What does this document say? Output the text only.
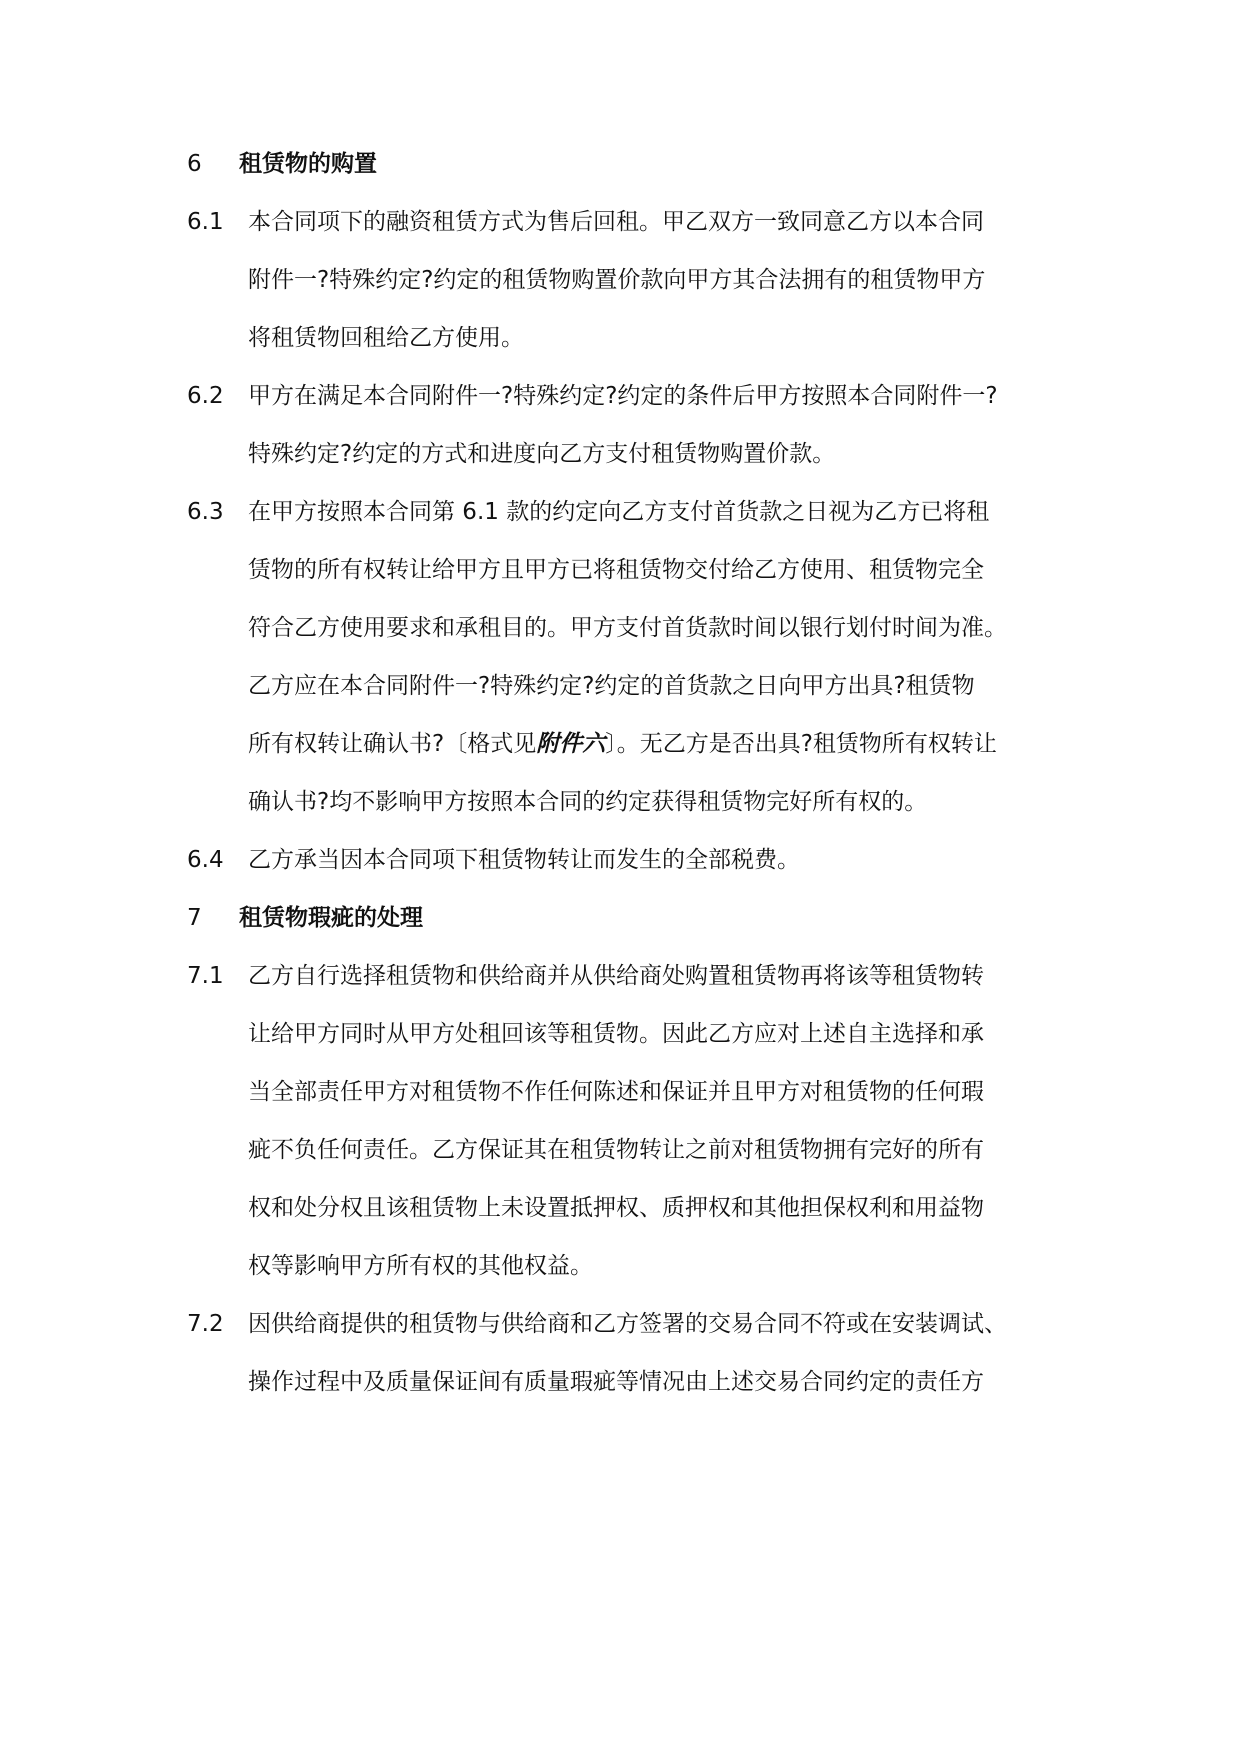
6 租赁物的购置
6.1 本合同项下的融资租赁方式为售后回租。甲乙双方一致同意乙方以本合同
附件一?特殊约定?约定的租赁物购置价款向甲方其合法拥有的租赁物甲方
将租赁物回租给乙方使用。
6.2 甲方在满足本合同附件一?特殊约定?约定的条件后甲方按照本合同附件一?
特殊约定?约定的方式和进度向乙方支付租赁物购置价款。
6.3 在甲方按照本合同第 6.1 款的约定向乙方支付首货款之日视为乙方已将租
赁物的所有权转让给甲方且甲方已将租赁物交付给乙方使用、租赁物完全
符合乙方使用要求和承租目的。甲方支付首货款时间以银行划付时间为准。
乙方应在本合同附件一?特殊约定?约定的首货款之日向甲方出具?租赁物
所有权转让确认书?〔格式见附件六〕。无乙方是否出具?租赁物所有权转让
确认书?均不影响甲方按照本合同的约定获得租赁物完好所有权的。
6.4 乙方承当因本合同项下租赁物转让而发生的全部税费。
7 租赁物瑕疵的处理
7.1 乙方自行选择租赁物和供给商并从供给商处购置租赁物再将该等租赁物转
让给甲方同时从甲方处租回该等租赁物。因此乙方应对上述自主选择和承
当全部责任甲方对租赁物不作任何陈述和保证并且甲方对租赁物的任何瑕
疵不负任何责任。乙方保证其在租赁物转让之前对租赁物拥有完好的所有
权和处分权且该租赁物上未设置抵押权、质押权和其他担保权利和用益物
权等影响甲方所有权的其他权益。
7.2 因供给商提供的租赁物与供给商和乙方签署的交易合同不符或在安装调试、
操作过程中及质量保证间有质量瑕疵等情况由上述交易合同约定的责任方
